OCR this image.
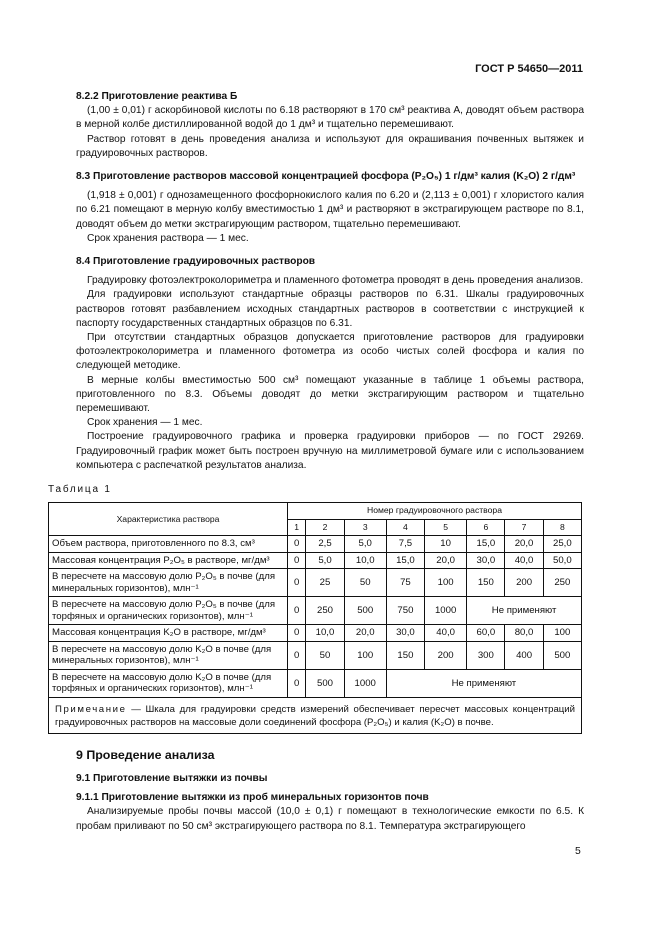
ГОСТ Р 54650—2011
8.2.2 Приготовление реактива Б

(1,00 ± 0,01) г аскорбиновой кислоты по 6.18 растворяют в 170 см³ реактива А, доводят объем раствора в мерной колбе дистиллированной водой до 1 дм³ и тщательно перемешивают.

Раствор готовят в день проведения анализа и используют для окрашивания почвенных вытяжек и градуировочных растворов.

8.3 Приготовление растворов массовой концентрацией фосфора (P₂O₅) 1 г/дм³ калия (K₂O) 2 г/дм³

(1,918 ± 0,001) г однозамещенного фосфорнокислого калия по 6.20 и (2,113 ± 0,001) г хлористого калия по 6.21 помещают в мерную колбу вместимостью 1 дм³ и растворяют в экстрагирующем растворе по 8.1, доводят объем до метки экстрагирующим раствором, тщательно перемешивают.

Срок хранения раствора — 1 мес.

8.4 Приготовление градуировочных растворов

Градуировку фотоэлектроколориметра и пламенного фотометра проводят в день проведения анализов.

Для градуировки используют стандартные образцы растворов по 6.31. Шкалы градуировочных растворов готовят разбавлением исходных стандартных растворов в соответствии с инструкцией к паспорту государственных стандартных образцов по 6.31.

При отсутствии стандартных образцов допускается приготовление растворов для градуировки фотоэлектроколориметра и пламенного фотометра из особо чистых солей фосфора и калия по следующей методике.

В мерные колбы вместимостью 500 см³ помещают указанные в таблице 1 объемы раствора, приготовленного по 8.3. Объемы доводят до метки экстрагирующим раствором и тщательно перемешивают.

Срок хранения — 1 мес.

Построение градуировочного графика и проверка градуировки приборов — по ГОСТ 29269. Градуировочный график может быть построен вручную на миллиметровой бумаге или с использованием компьютера с распечаткой результатов анализа.

Таблица 1
Характеристика раствора	Номер градуировочного раствора							
	1	2	3	4	5	6	7	8
Объем раствора, приготовленного по 8.3, см³	0	2,5	5,0	7,5	10	15,0	20,0	25,0
Массовая концентрация P₂O₅ в растворе, мг/дм³	0	5,0	10,0	15,0	20,0	30,0	40,0	50,0
В пересчете на массовую долю P₂O₅ в почве (для минеральных горизонтов), млн⁻¹	0	25	50	75	100	150	200	250
В пересчете на массовую долю P₂O₅ в почве (для торфяных и органических горизонтов), млн⁻¹	0	250	500	750	1000	Не применяют		
Массовая концентрация K₂O в растворе, мг/дм³	0	10,0	20,0	30,0	40,0	60,0	80,0	100
В пересчете на массовую долю K₂O в почве (для минеральных горизонтов), млн⁻¹	0	50	100	150	200	300	400	500
В пересчете на массовую долю K₂O в почве (для торфяных и органических горизонтов), млн⁻¹	0	500	1000	Не применяют				
Примечание — Шкала для градуировки средств измерений обеспечивает пересчет массовых концентраций градуировочных растворов на массовые доли соединений фосфора (P₂O₅) и калия (K₂O) в почве.								
9 Проведение анализа
9.1 Приготовление вытяжки из почвы
9.1.1 Приготовление вытяжки из проб минеральных горизонтов почв

Анализируемые пробы почвы массой (10,0 ± 0,1) г помещают в технологические емкости по 6.5. К пробам приливают по 50 см³ экстрагирующего раствора по 8.1. Температура экстрагирующего

5
